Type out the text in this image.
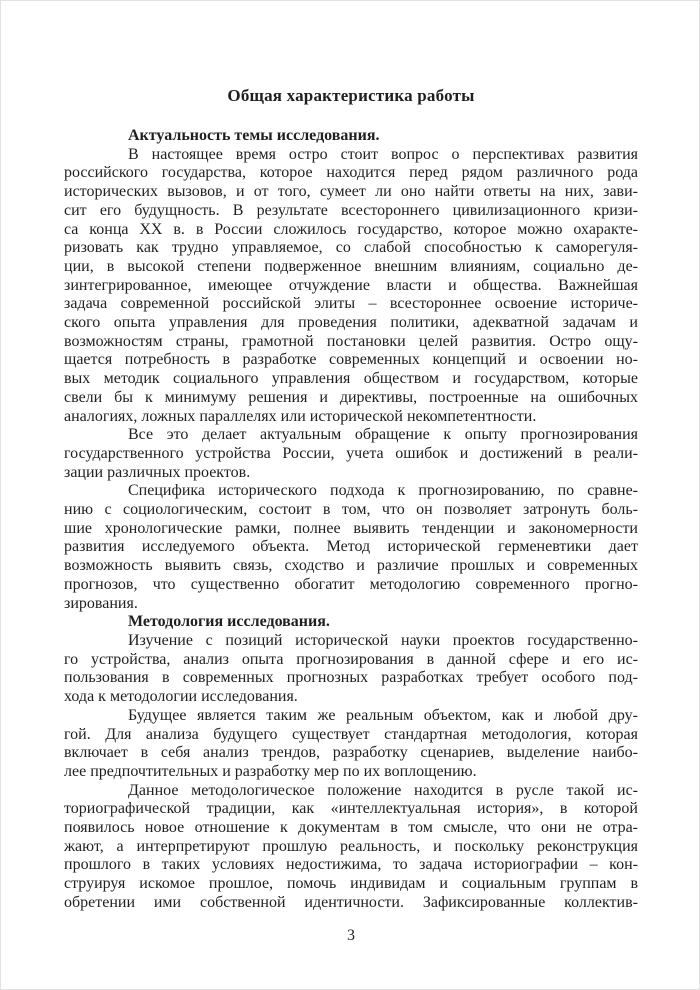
Общая характеристика работы
Актуальность темы исследования.
В настоящее время остро стоит вопрос о перспективах развития
российского государства, которое находится перед рядом различного рода
исторических вызовов, и от того, сумеет ли оно найти ответы на них, зави-
сит его будущность. В результате всестороннего цивилизационного кризи-
са конца XX в. в России сложилось государство, которое можно охаракте-
ризовать как трудно управляемое, со слабой способностью к саморегуля-
ции, в высокой степени подверженное внешним влияниям, социально де-
зинтегрированное, имеющее отчуждение власти и общества. Важнейшая
задача современной российской элиты – всестороннее освоение историче-
ского опыта управления для проведения политики, адекватной задачам и
возможностям страны, грамотной постановки целей развития. Остро ощу-
щается потребность в разработке современных концепций и освоении но-
вых методик социального управления обществом и государством, которые
свели бы к минимуму решения и директивы, построенные на ошибочных
аналогиях, ложных параллелях или исторической некомпетентности.
Все это делает актуальным обращение к опыту прогнозирования
государственного устройства России, учета ошибок и достижений в реали-
зации различных проектов.
Специфика исторического подхода к прогнозированию, по сравне-
нию с социологическим, состоит в том, что он позволяет затронуть боль-
шие хронологические рамки, полнее выявить тенденции и закономерности
развития исследуемого объекта. Метод исторической герменевтики дает
возможность выявить связь, сходство и различие прошлых и современных
прогнозов, что существенно обогатит методологию современного прогно-
зирования.
Методология исследования.
Изучение с позиций исторической науки проектов государственно-
го устройства, анализ опыта прогнозирования в данной сфере и его ис-
пользования в современных прогнозных разработках требует особого под-
хода к методологии исследования.
Будущее является таким же реальным объектом, как и любой дру-
гой. Для анализа будущего существует стандартная методология, которая
включает в себя анализ трендов, разработку сценариев, выделение наибо-
лее предпочтительных и разработку мер по их воплощению.
Данное методологическое положение находится в русле такой ис-
ториографической традиции, как «интеллектуальная история», в которой
появилось новое отношение к документам в том смысле, что они не отра-
жают, а интерпретируют прошлую реальность, и поскольку реконструкция
прошлого в таких условиях недостижима, то задача историографии – кон-
струируя искомое прошлое, помочь индивидам и социальным группам в
обретении ими собственной идентичности. Зафиксированные коллектив-
3
